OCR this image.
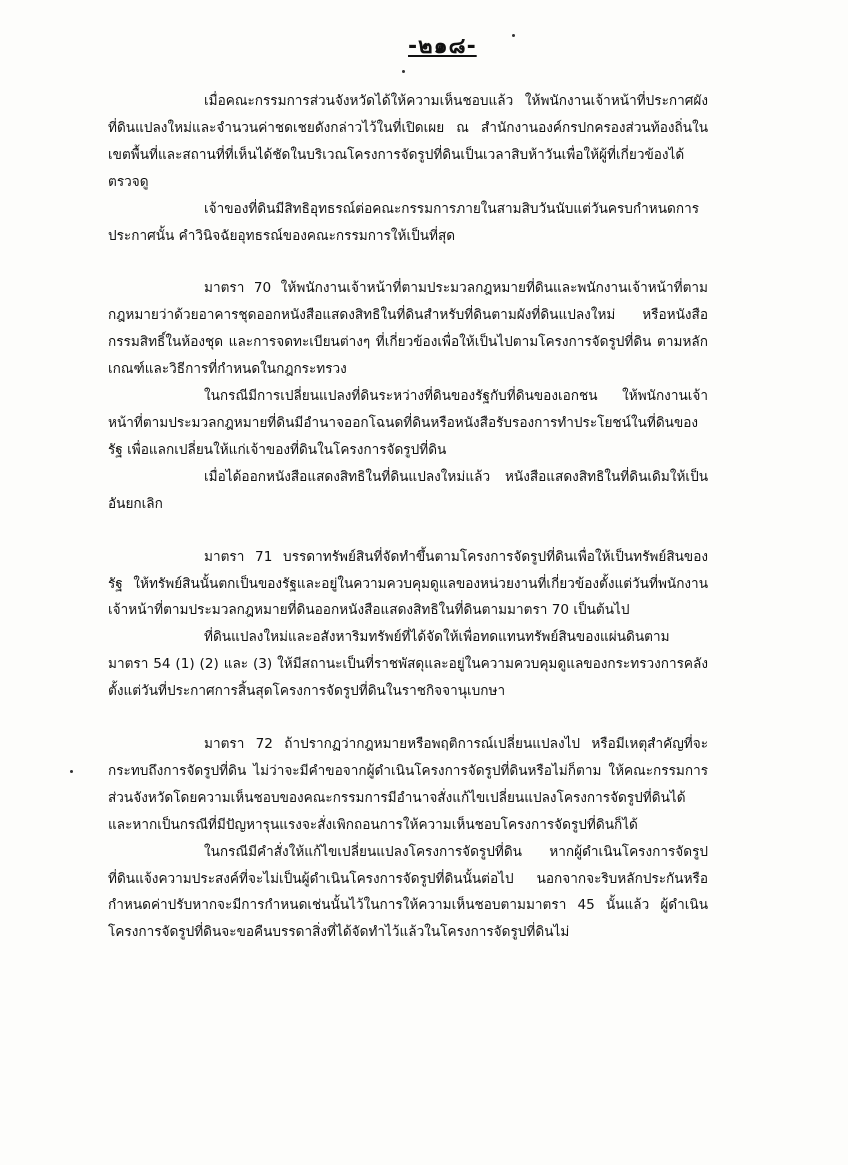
-๒๑๘-

เมื่อคณะกรรมการส่วนจังหวัดได้ให้ความเห็นชอบแล้ว ให้พนักงานเจ้าหน้าที่ประกาศผังที่ดินแปลงใหม่และจำนวนค่าชดเชยดังกล่าวไว้ในที่เปิดเผย ณ สำนักงานองค์กรปกครองส่วนท้องถิ่นในเขตพื้นที่และสถานที่ที่เห็นได้ชัดในบริเวณโครงการจัดรูปที่ดินเป็นเวลาสิบห้าวันเพื่อให้ผู้ที่เกี่ยวข้องได้ตรวจดู

เจ้าของที่ดินมีสิทธิอุทธรณ์ต่อคณะกรรมการภายในสามสิบวันนับแต่วันครบกำหนดการประกาศนั้น คำวินิจฉัยอุทธรณ์ของคณะกรรมการให้เป็นที่สุด

มาตรา 70 ให้พนักงานเจ้าหน้าที่ตามประมวลกฎหมายที่ดินและพนักงานเจ้าหน้าที่ตามกฎหมายว่าด้วยอาคารชุดออกหนังสือแสดงสิทธิในที่ดินสำหรับที่ดินตามผังที่ดินแปลงใหม่ หรือหนังสือกรรมสิทธิ์ในห้องชุด และการจดทะเบียนต่างๆ ที่เกี่ยวข้องเพื่อให้เป็นไปตามโครงการจัดรูปที่ดิน ตามหลักเกณฑ์และวิธีการที่กำหนดในกฎกระทรวง

ในกรณีมีการเปลี่ยนแปลงที่ดินระหว่างที่ดินของรัฐกับที่ดินของเอกชน ให้พนักงานเจ้าหน้าที่ตามประมวลกฎหมายที่ดินมีอำนาจออกโฉนดที่ดินหรือหนังสือรับรองการทำประโยชน์ในที่ดินของรัฐ เพื่อแลกเปลี่ยนให้แก่เจ้าของที่ดินในโครงการจัดรูปที่ดิน

เมื่อได้ออกหนังสือแสดงสิทธิในที่ดินแปลงใหม่แล้ว หนังสือแสดงสิทธิในที่ดินเดิมให้เป็นอันยกเลิก

มาตรา 71 บรรดาทรัพย์สินที่จัดทำขึ้นตามโครงการจัดรูปที่ดินเพื่อให้เป็นทรัพย์สินของรัฐ ให้ทรัพย์สินนั้นตกเป็นของรัฐและอยู่ในความควบคุมดูแลของหน่วยงานที่เกี่ยวข้องตั้งแต่วันที่พนักงานเจ้าหน้าที่ตามประมวลกฎหมายที่ดินออกหนังสือแสดงสิทธิในที่ดินตามมาตรา 70 เป็นต้นไป

ที่ดินแปลงใหม่และอสังหาริมทรัพย์ที่ได้จัดให้เพื่อทดแทนทรัพย์สินของแผ่นดินตามมาตรา 54 (1) (2) และ (3) ให้มีสถานะเป็นที่ราชพัสดุและอยู่ในความควบคุมดูแลของกระทรวงการคลังตั้งแต่วันที่ประกาศการสิ้นสุดโครงการจัดรูปที่ดินในราชกิจจานุเบกษา

มาตรา 72 ถ้าปรากฏว่ากฎหมายหรือพฤติการณ์เปลี่ยนแปลงไป หรือมีเหตุสำคัญที่จะกระทบถึงการจัดรูปที่ดิน ไม่ว่าจะมีคำขอจากผู้ดำเนินโครงการจัดรูปที่ดินหรือไม่ก็ตาม ให้คณะกรรมการส่วนจังหวัดโดยความเห็นชอบของคณะกรรมการมีอำนาจสั่งแก้ไขเปลี่ยนแปลงโครงการจัดรูปที่ดินได้และหากเป็นกรณีที่มีปัญหารุนแรงจะสั่งเพิกถอนการให้ความเห็นชอบโครงการจัดรูปที่ดินก็ได้

ในกรณีมีคำสั่งให้แก้ไขเปลี่ยนแปลงโครงการจัดรูปที่ดิน หากผู้ดำเนินโครงการจัดรูปที่ดินแจ้งความประสงค์ที่จะไม่เป็นผู้ดำเนินโครงการจัดรูปที่ดินนั้นต่อไป นอกจากจะริบหลักประกันหรือกำหนดค่าปรับหากจะมีการกำหนดเช่นนั้นไว้ในการให้ความเห็นชอบตามมาตรา 45 นั้นแล้ว ผู้ดำเนินโครงการจัดรูปที่ดินจะขอคืนบรรดาสิ่งที่ได้จัดทำไว้แล้วในโครงการจัดรูปที่ดินไม่
